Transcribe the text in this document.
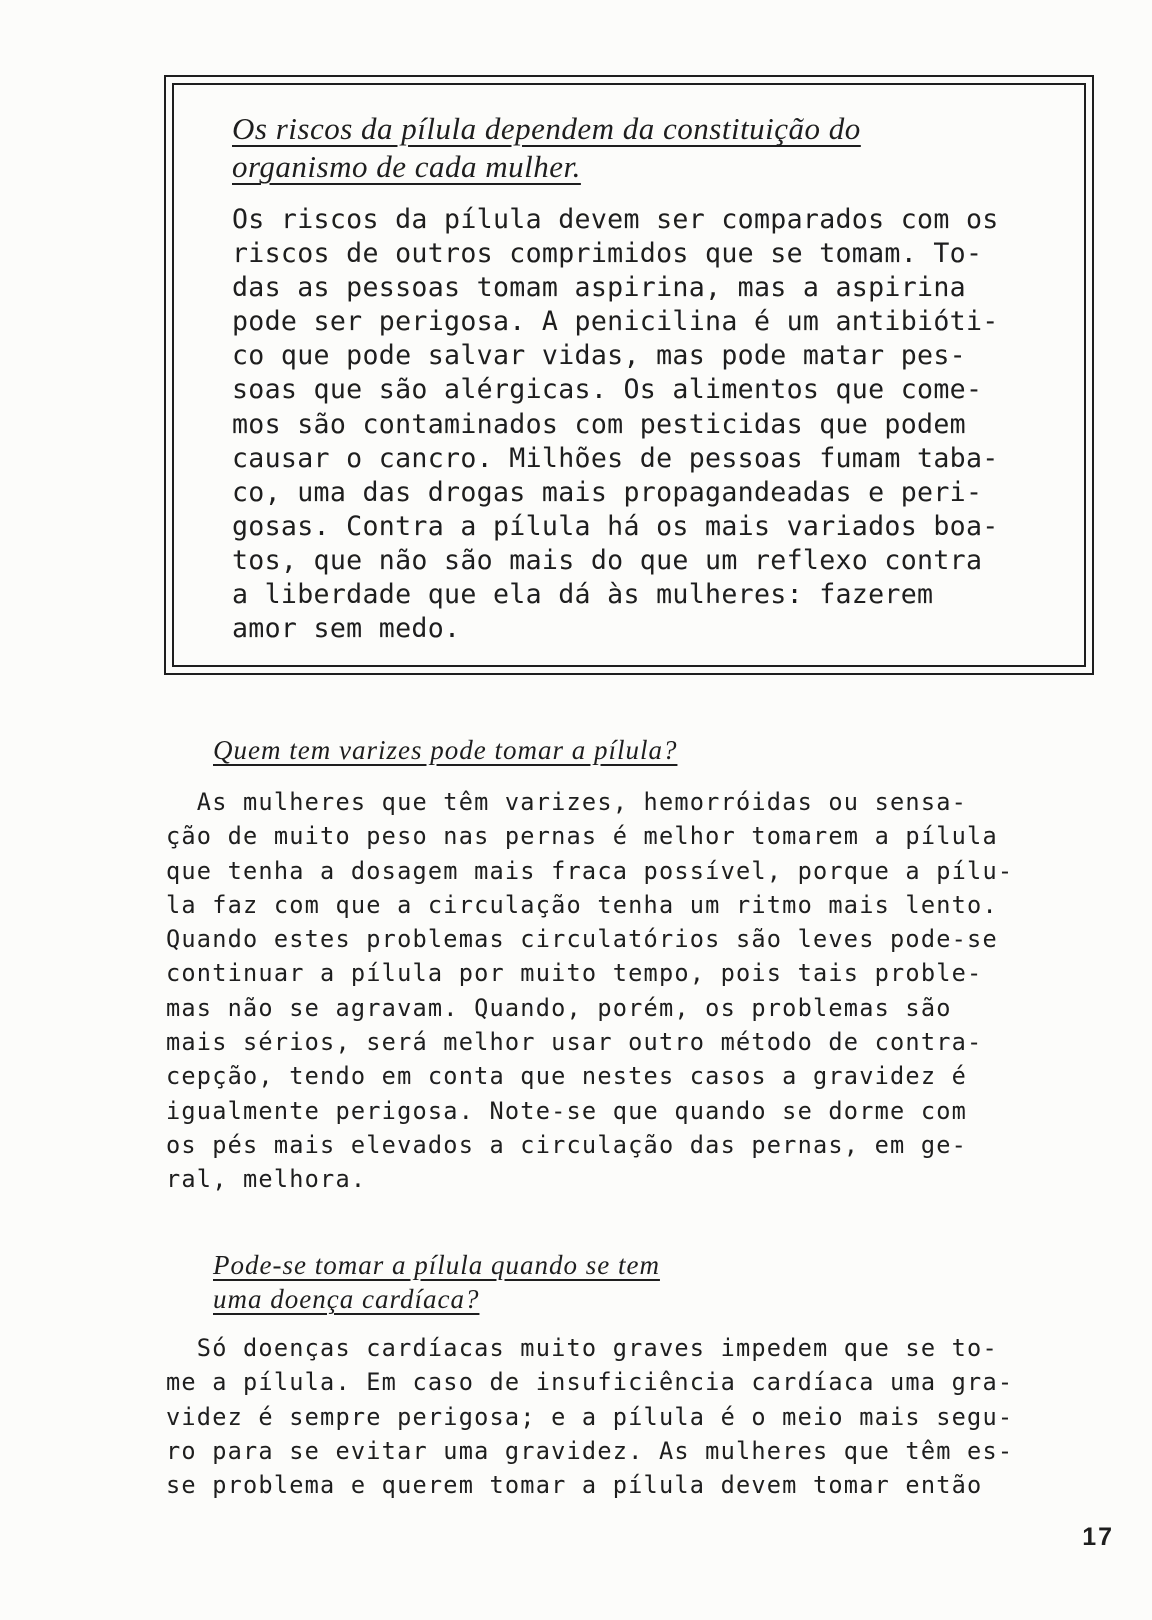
Os riscos da pílula dependem da constituição do
organismo de cada mulher.

Os riscos da pílula devem ser comparados com os
riscos de outros comprimidos que se tomam. To-
das as pessoas tomam aspirina, mas a aspirina
pode ser perigosa. A penicilina é um antibióti-
co que pode salvar vidas, mas pode matar pes-
soas que são alérgicas. Os alimentos que come-
mos são contaminados com pesticidas que podem
causar o cancro. Milhões de pessoas fumam taba-
co, uma das drogas mais propagandeadas e peri-
gosas. Contra a pílula há os mais variados boa-
tos, que não são mais do que um reflexo contra
a liberdade que ela dá às mulheres: fazerem
amor sem medo.

Quem tem varizes pode tomar a pílula?

As mulheres que têm varizes, hemorróidas ou sensa-
ção de muito peso nas pernas é melhor tomarem a pílula
que tenha a dosagem mais fraca possível, porque a pílu-
la faz com que a circulação tenha um ritmo mais lento.
Quando estes problemas circulatórios são leves pode-se
continuar a pílula por muito tempo, pois tais proble-
mas não se agravam. Quando, porém, os problemas são
mais sérios, será melhor usar outro método de contra-
cepção, tendo em conta que nestes casos a gravidez é
igualmente perigosa. Note-se que quando se dorme com
os pés mais elevados a circulação das pernas, em ge-
ral, melhora.

Pode-se tomar a pílula quando se tem
uma doença cardíaca?

Só doenças cardíacas muito graves impedem que se to-
me a pílula. Em caso de insuficiência cardíaca uma gra-
videz é sempre perigosa; e a pílula é o meio mais segu-
ro para se evitar uma gravidez. As mulheres que têm es-
se problema e querem tomar a pílula devem tomar então

17
